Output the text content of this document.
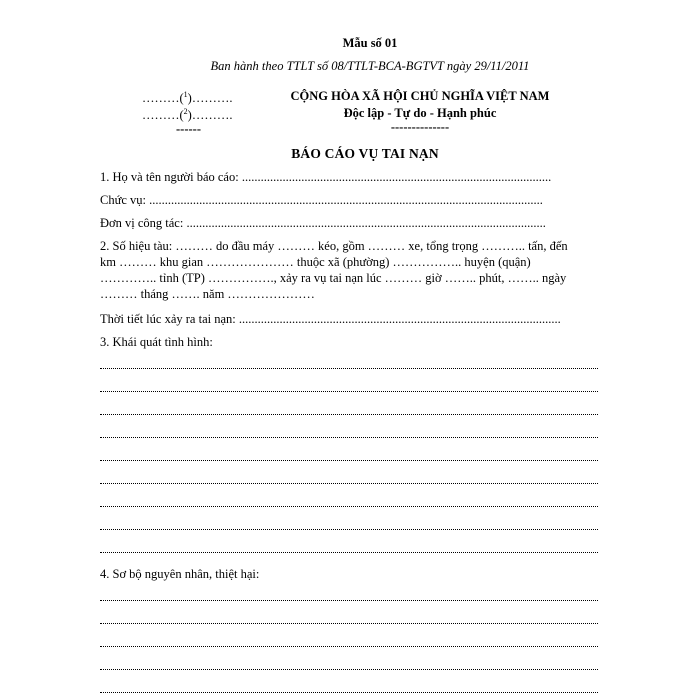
Mẫu số 01
Ban hành theo TTLT số 08/TTLT-BCA-BGTVT ngày 29/11/2011
………($^1$)……….
………($^2$)……….
------
CỘNG HÒA XÃ HỘI CHỦ NGHĨA VIỆT NAM
Độc lập - Tự do - Hạnh phúc
--------------
BÁO CÁO VỤ TAI NẠN
1. Họ và tên người báo cáo: ...................................................................................................
Chức vụ: ..............................................................................................................................
Đơn vị công tác: ...................................................................................................................
2. Số hiệu tàu: ……… do đầu máy ……… kéo, gồm ……… xe, tổng trọng ……….. tấn, đến
km ……… khu gian ………………… thuộc xã (phường) …………….. huyện (quận)
………….. tỉnh (TP) ……………., xảy ra vụ tai nạn lúc ……… giờ …….. phút, …….. ngày
……… tháng ……. năm …………………
Thời tiết lúc xảy ra tai nạn: .......................................................................................................
3. Khái quát tình hình:
4. Sơ bộ nguyên nhân, thiệt hại:
